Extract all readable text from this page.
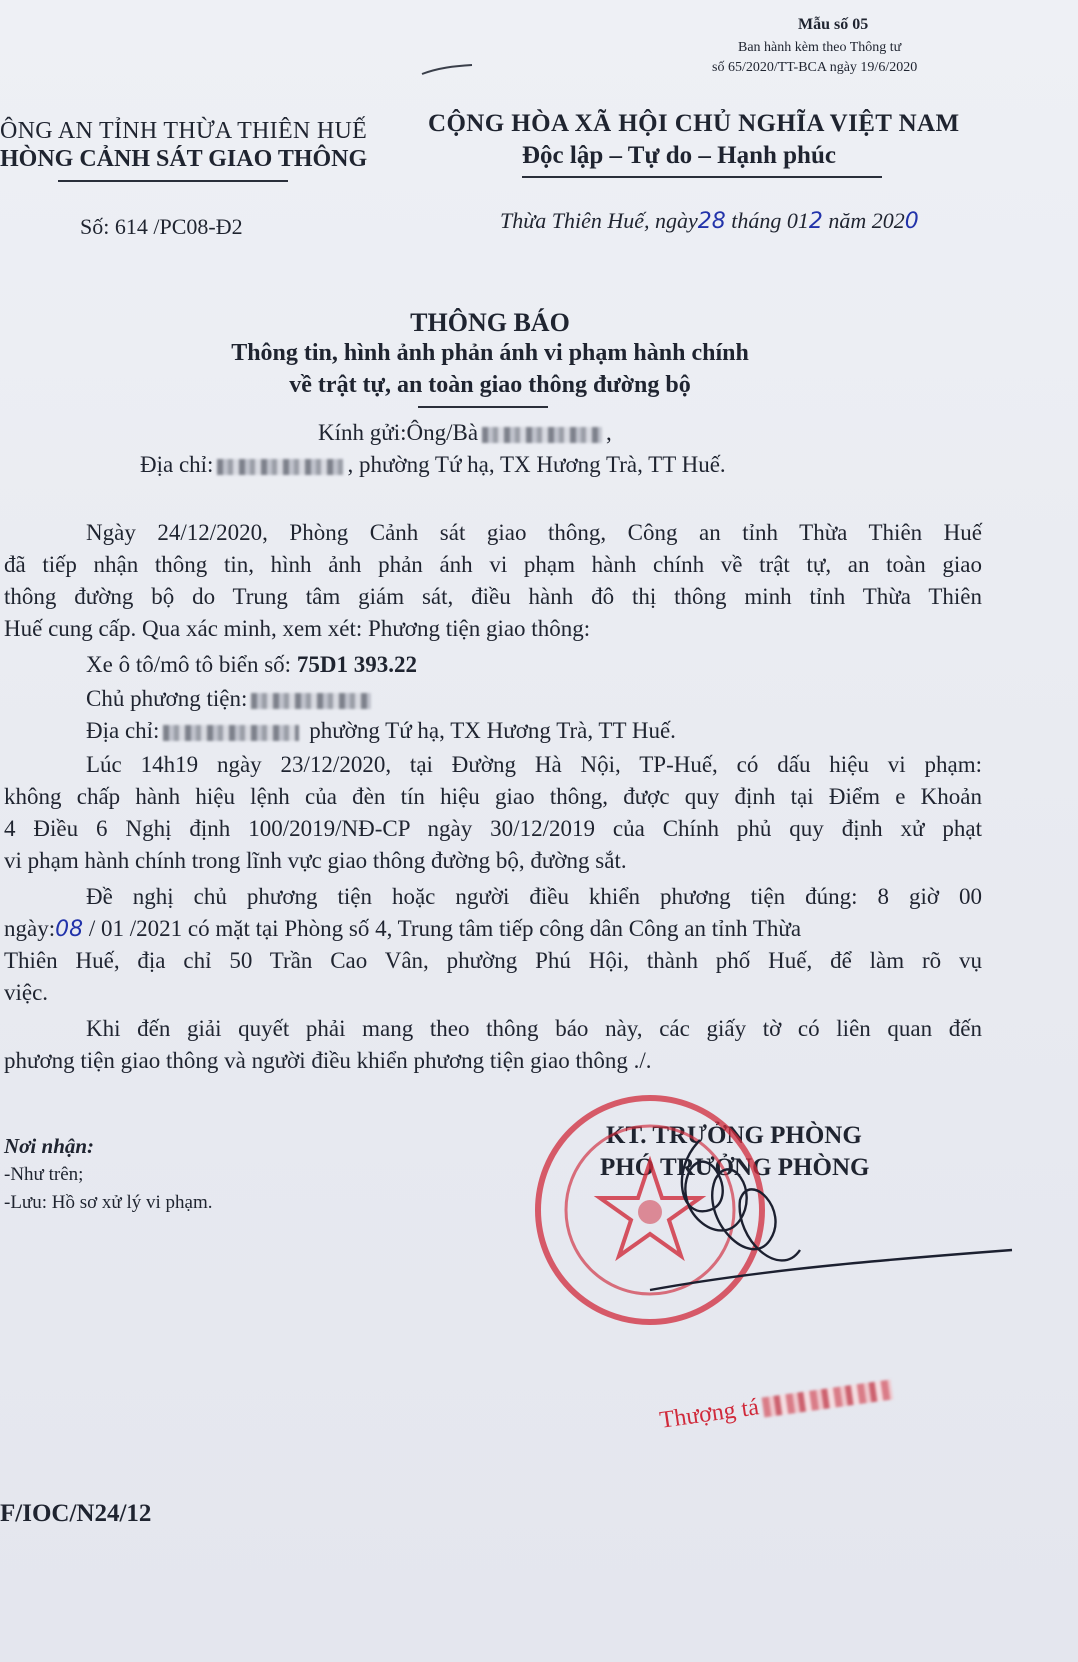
Mẫu số 05
Ban hành kèm theo Thông tư
số 65/2020/TT-BCA ngày 19/6/2020
ÔNG AN TỈNH THỪA THIÊN HUẾ
HÒNG CẢNH SÁT GIAO THÔNG
CỘNG HÒA XÃ HỘI CHỦ NGHĨA VIỆT NAM
Độc lập – Tự do – Hạnh phúc
Số: 614 /PC08-Đ2	Thừa Thiên Huế, ngày28 tháng 012 năm 2020
THÔNG BÁO
Thông tin, hình ảnh phản ánh vi phạm hành chính
về trật tự, an toàn giao thông đường bộ
Kính gửi:Ông/Bà	,
Địa chỉ:	, phường Tứ hạ, TX Hương Trà, TT Huế.
Ngày 24/12/2020, Phòng Cảnh sát giao thông, Công an tỉnh Thừa Thiên Huế
đã tiếp nhận thông tin, hình ảnh phản ánh vi phạm hành chính về trật tự, an toàn giao
thông đường bộ do Trung tâm giám sát, điều hành đô thị thông minh tỉnh Thừa Thiên
Huế cung cấp. Qua xác minh, xem xét: Phương tiện giao thông:
Xe ô tô/mô tô biển số: 75D1 393.22
Chủ phương tiện:
Địa chỉ:	phường Tứ hạ, TX Hương Trà, TT Huế.
Lúc 14h19 ngày 23/12/2020, tại Đường Hà Nội, TP-Huế, có dấu hiệu vi phạm:
không chấp hành hiệu lệnh của đèn tín hiệu giao thông, được quy định tại Điểm e Khoản
4 Điều 6 Nghị định 100/2019/NĐ-CP ngày 30/12/2019 của Chính phủ quy định xử phạt
vi phạm hành chính trong lĩnh vực giao thông đường bộ, đường sắt.
Đề nghị chủ phương tiện hoặc người điều khiển phương tiện đúng: 8 giờ 00
ngày:08 / 01 /2021 có mặt tại Phòng số 4, Trung tâm tiếp công dân Công an tỉnh Thừa
Thiên Huế, địa chỉ 50 Trần Cao Vân, phường Phú Hội, thành phố Huế, để làm rõ vụ
việc.
Khi đến giải quyết phải mang theo thông báo này, các giấy tờ có liên quan đến
phương tiện giao thông và người điều khiển phương tiện giao thông ./.
Nơi nhận:
-Như trên;
-Lưu: Hồ sơ xử lý vi phạm.
KT. TRƯỞNG PHÒNG
PHÓ TRƯỞNG PHÒNG
Thượng tá
F/IOC/N24/12
